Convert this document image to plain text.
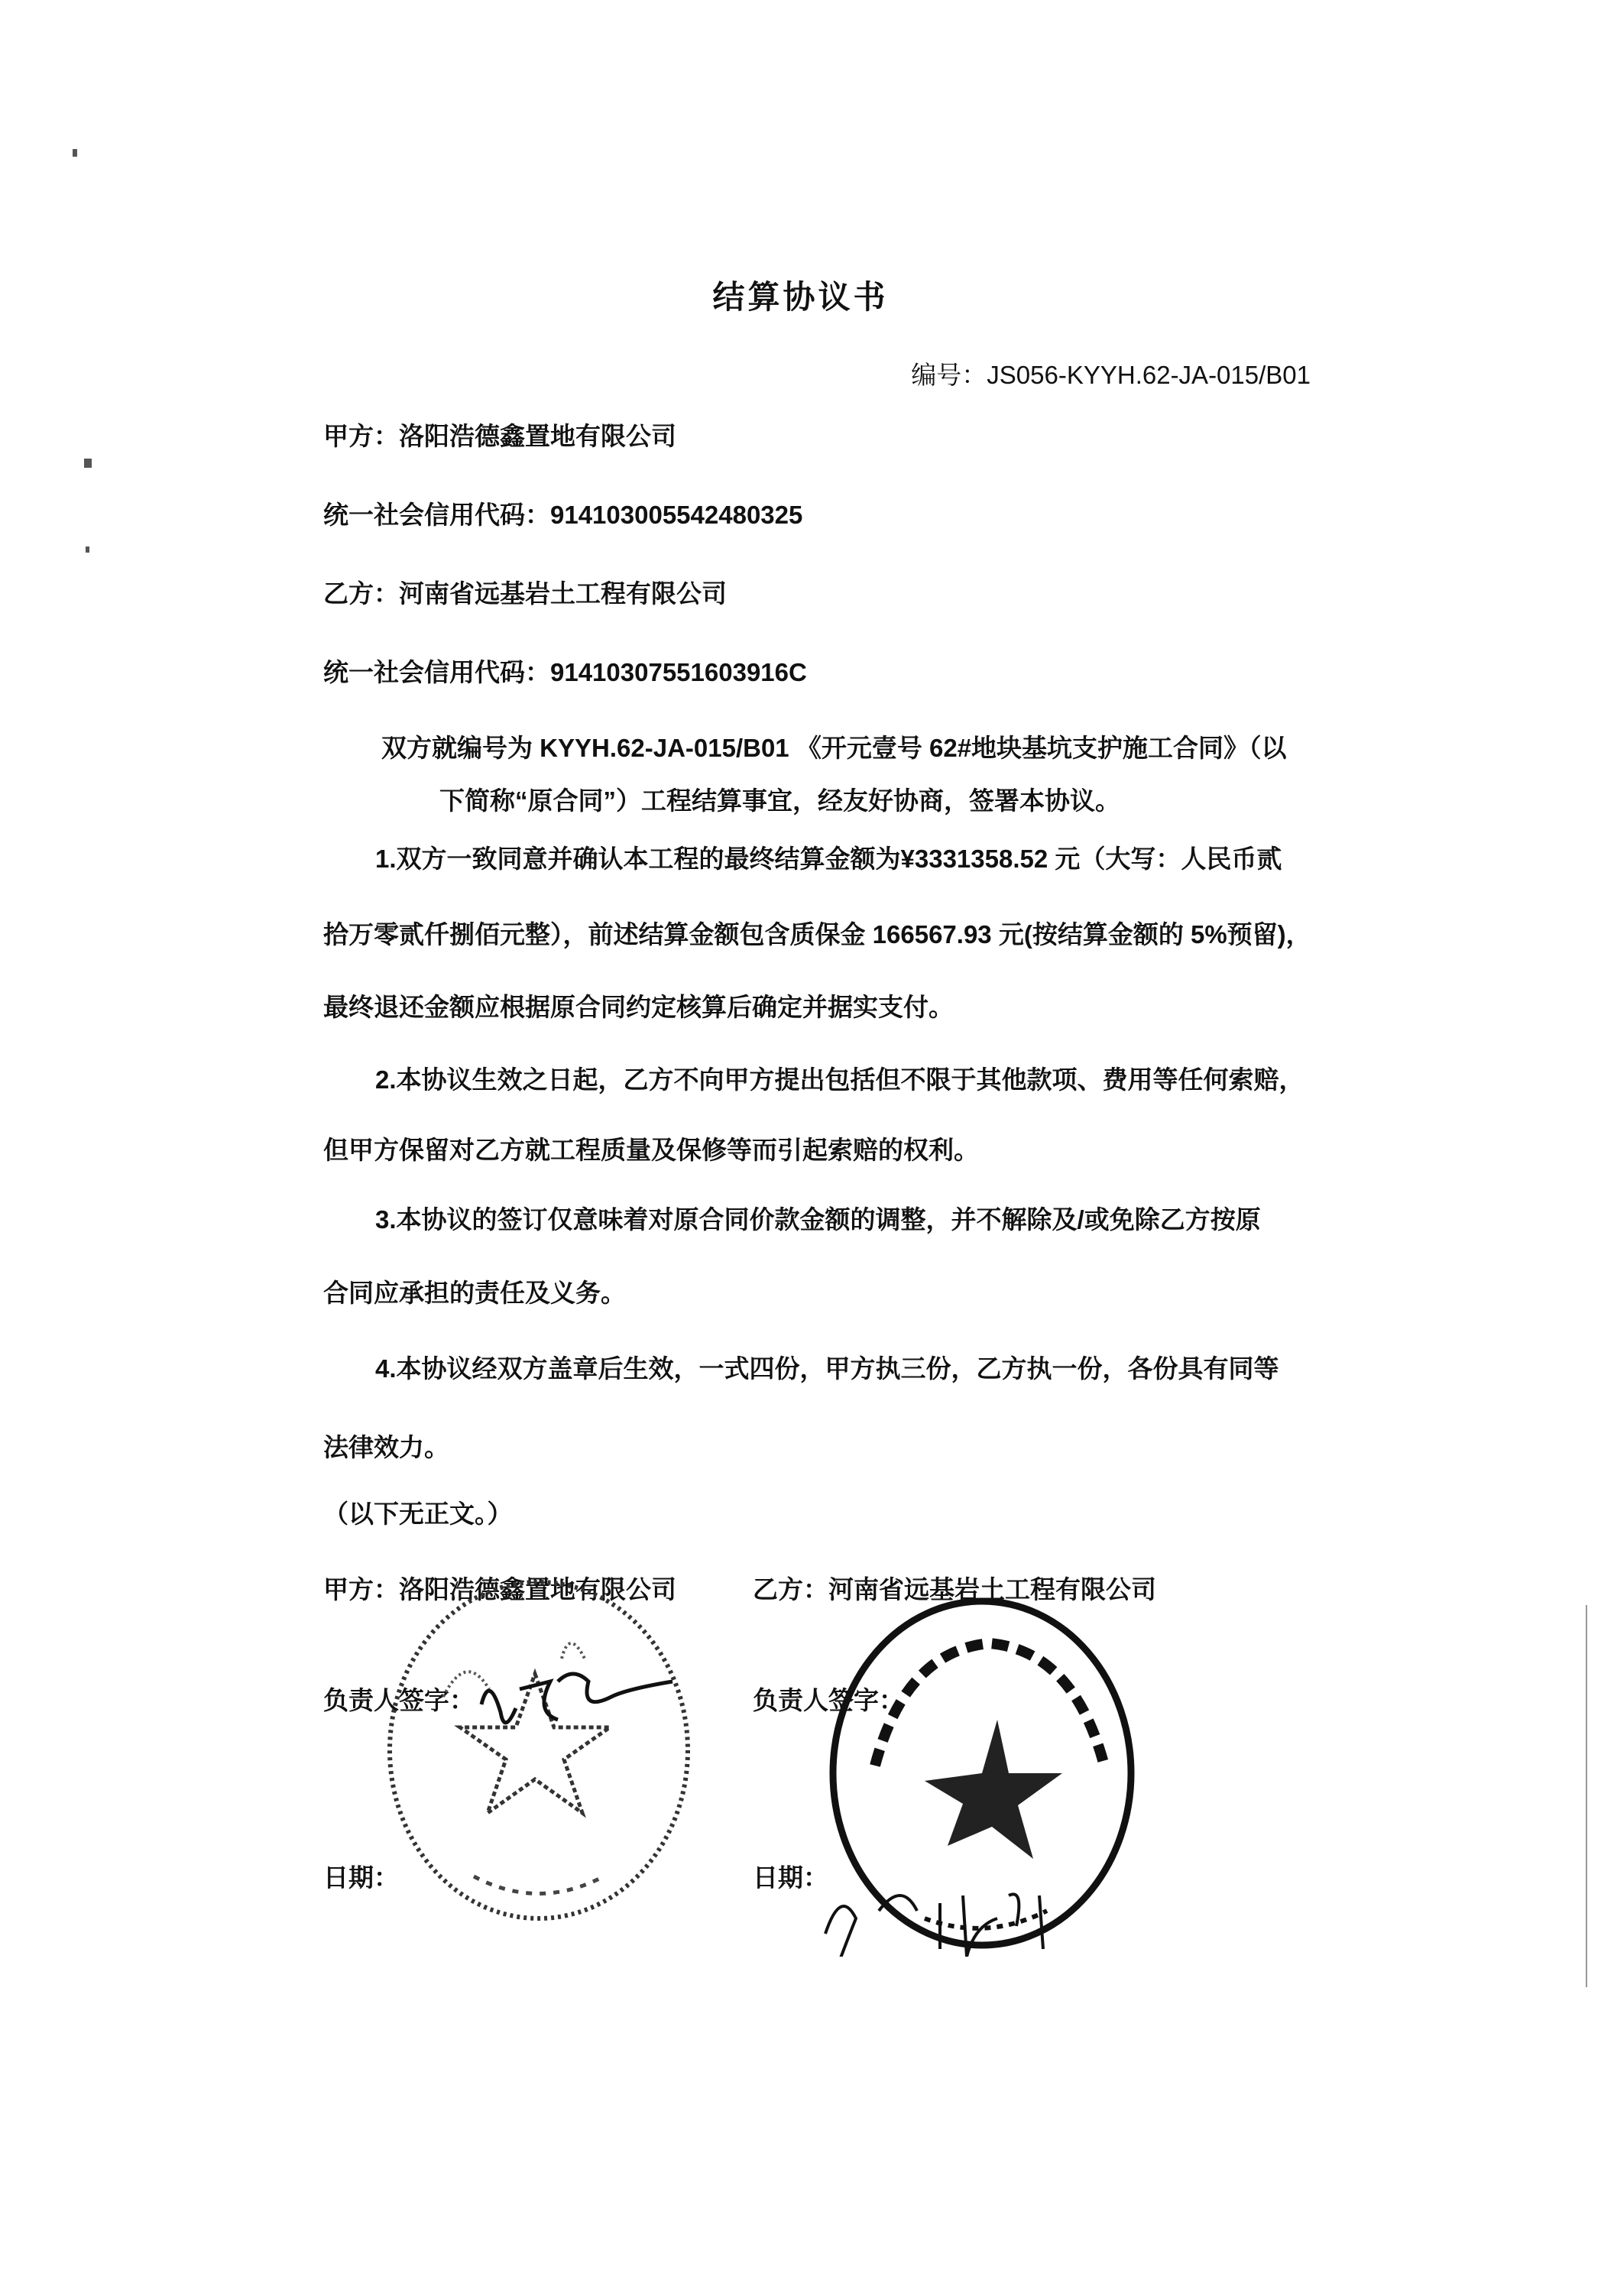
结算协议书
编号：JS056-KYYH.62-JA-015/B01
甲方：洛阳浩德鑫置地有限公司
统一社会信用代码：914103005542480325
乙方：河南省远基岩土工程有限公司
统一社会信用代码：91410307551603916C
双方就编号为 KYYH.62-JA-015/B01 《开元壹号 62#地块基坑支护施工合同》（以
下简称“原合同”）工程结算事宜，经友好协商，签署本协议。
1.双方一致同意并确认本工程的最终结算金额为¥3331358.52 元（大写：人民币贰
拾万零贰仟捌佰元整），前述结算金额包含质保金 166567.93 元(按结算金额的 5%预留)，
最终退还金额应根据原合同约定核算后确定并据实支付。
2.本协议生效之日起，乙方不向甲方提出包括但不限于其他款项、费用等任何索赔，
但甲方保留对乙方就工程质量及保修等而引起索赔的权利。
3.本协议的签订仅意味着对原合同价款金额的调整，并不解除及/或免除乙方按原
合同应承担的责任及义务。
4.本协议经双方盖章后生效，一式四份，甲方执三份，乙方执一份，各份具有同等
法律效力。
（以下无正文。）
甲方：洛阳浩德鑫置地有限公司	乙方：河南省远基岩土工程有限公司
负责人签字：	负责人签字：
日期：	日期：
